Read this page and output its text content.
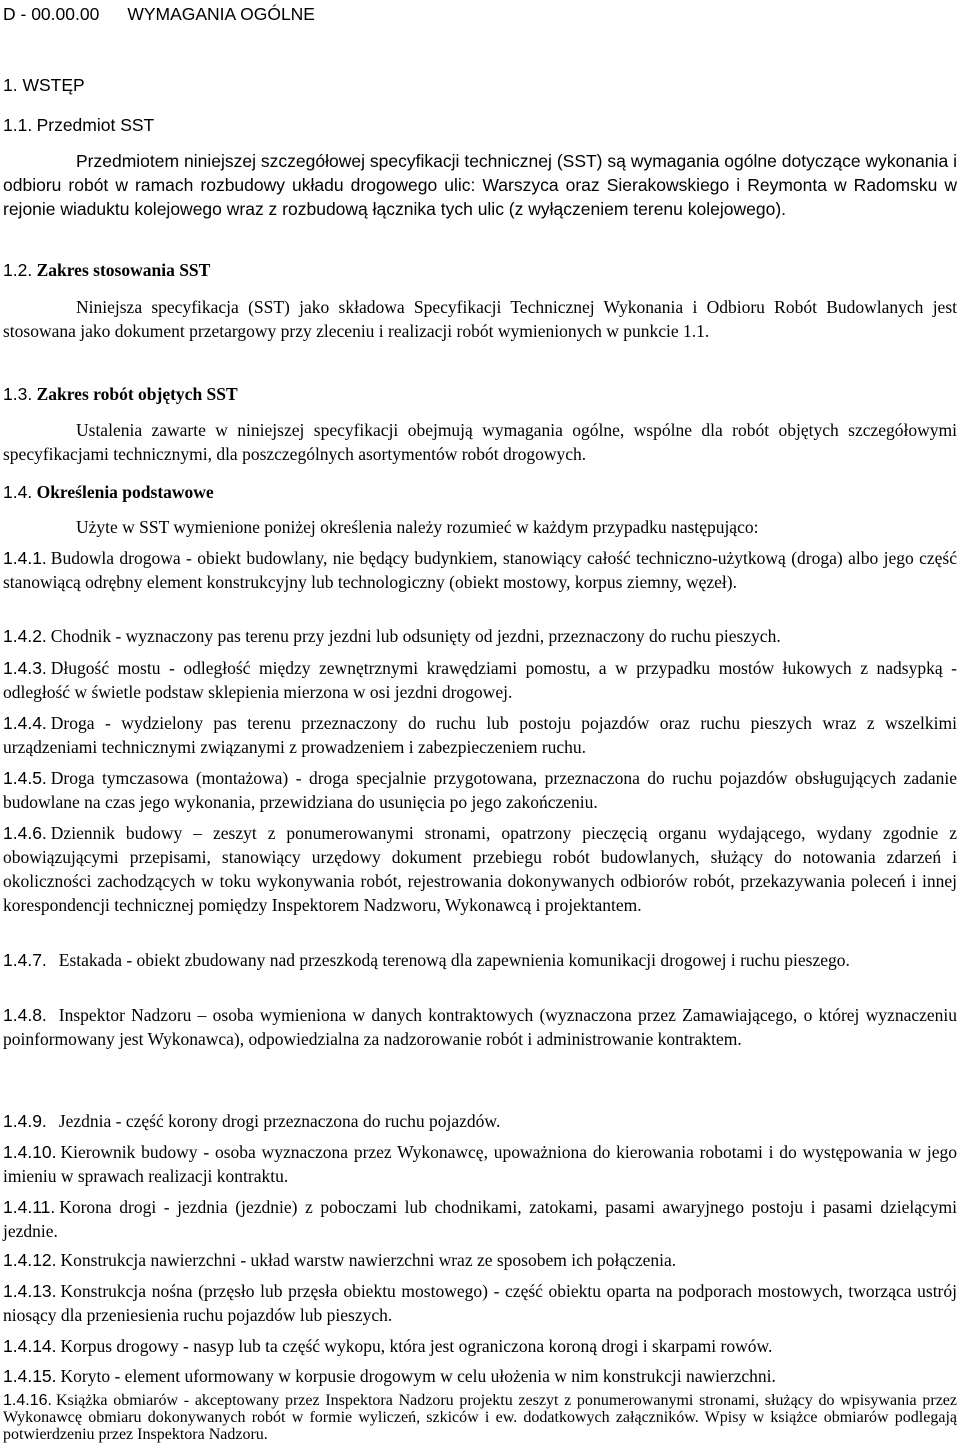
D - 00.00.00 WYMAGANIA OGÓLNE
1. WSTĘP
1.1. Przedmiot SST
Przedmiotem niniejszej szczegółowej specyfikacji technicznej (SST) są wymagania ogólne dotyczące wykonania i odbioru robót w ramach rozbudowy układu drogowego ulic: Warszyca oraz Sierakowskiego i Reymonta w Radomsku w rejonie wiaduktu kolejowego wraz z rozbudową łącznika tych ulic (z wyłączeniem terenu kolejowego).
1.2. Zakres stosowania SST
Niniejsza specyfikacja (SST) jako składowa Specyfikacji Technicznej Wykonania i Odbioru Robót Budowlanych jest stosowana jako dokument przetargowy przy zleceniu i realizacji robót wymienionych w punkcie 1.1.
1.3. Zakres robót objętych SST
Ustalenia zawarte w niniejszej specyfikacji obejmują wymagania ogólne, wspólne dla robót objętych szczegółowymi specyfikacjami technicznymi, dla poszczególnych asortymentów robót drogowych.
1.4. Określenia podstawowe
Użyte w SST wymienione poniżej określenia należy rozumieć w każdym przypadku następująco:
1.4.1. Budowla drogowa - obiekt budowlany, nie będący budynkiem, stanowiący całość techniczno-użytkową (droga) albo jego część stanowiącą odrębny element konstrukcyjny lub technologiczny (obiekt mostowy, korpus ziemny, węzeł).
1.4.2. Chodnik - wyznaczony pas terenu przy jezdni lub odsunięty od jezdni, przeznaczony do ruchu pieszych.
1.4.3. Długość mostu - odległość między zewnętrznymi krawędziami pomostu, a w przypadku mostów łukowych z nadsypką - odległość w świetle podstaw sklepienia mierzona w osi jezdni drogowej.
1.4.4. Droga - wydzielony pas terenu przeznaczony do ruchu lub postoju pojazdów oraz ruchu pieszych wraz z wszelkimi urządzeniami technicznymi związanymi z prowadzeniem i zabezpieczeniem ruchu.
1.4.5. Droga tymczasowa (montażowa) - droga specjalnie przygotowana, przeznaczona do ruchu pojazdów obsługujących zadanie budowlane na czas jego wykonania, przewidziana do usunięcia po jego zakończeniu.
1.4.6. Dziennik budowy – zeszyt z ponumerowanymi stronami, opatrzony pieczęcią organu wydającego, wydany zgodnie z obowiązującymi przepisami, stanowiący urzędowy dokument przebiegu robót budowlanych, służący do notowania zdarzeń i okoliczności zachodzących w toku wykonywania robót, rejestrowania dokonywanych odbiorów robót, przekazywania poleceń i innej korespondencji technicznej pomiędzy Inspektorem Nadzworu, Wykonawcą i projektantem.
1.4.7. Estakada - obiekt zbudowany nad przeszkodą terenową dla zapewnienia komunikacji drogowej i ruchu pieszego.
1.4.8. Inspektor Nadzoru – osoba wymieniona w danych kontraktowych (wyznaczona przez Zamawiającego, o której wyznaczeniu poinformowany jest Wykonawca), odpowiedzialna za nadzorowanie robót i administrowanie kontraktem.
1.4.9. Jezdnia - część korony drogi przeznaczona do ruchu pojazdów.
1.4.10. Kierownik budowy - osoba wyznaczona przez Wykonawcę, upoważniona do kierowania robotami i do występowania w jego imieniu w sprawach realizacji kontraktu.
1.4.11. Korona drogi - jezdnia (jezdnie) z poboczami lub chodnikami, zatokami, pasami awaryjnego postoju i pasami dzielącymi jezdnie.
1.4.12. Konstrukcja nawierzchni - układ warstw nawierzchni wraz ze sposobem ich połączenia.
1.4.13. Konstrukcja nośna (przęsło lub przęsła obiektu mostowego) - część obiektu oparta na podporach mostowych, tworząca ustrój niosący dla przeniesienia ruchu pojazdów lub pieszych.
1.4.14. Korpus drogowy - nasyp lub ta część wykopu, która jest ograniczona koroną drogi i skarpami rowów.
1.4.15. Koryto - element uformowany w korpusie drogowym w celu ułożenia w nim konstrukcji nawierzchni.
1.4.16. Książka obmiarów - akceptowany przez Inspektora Nadzoru projektu zeszyt z ponumerowanymi stronami, służący do wpisywania przez Wykonawcę obmiaru dokonywanych robót w formie wyliczeń, szkiców i ew. dodatkowych załączników. Wpisy w książce obmiarów podlegają potwierdzeniu przez Inspektora Nadzoru.
